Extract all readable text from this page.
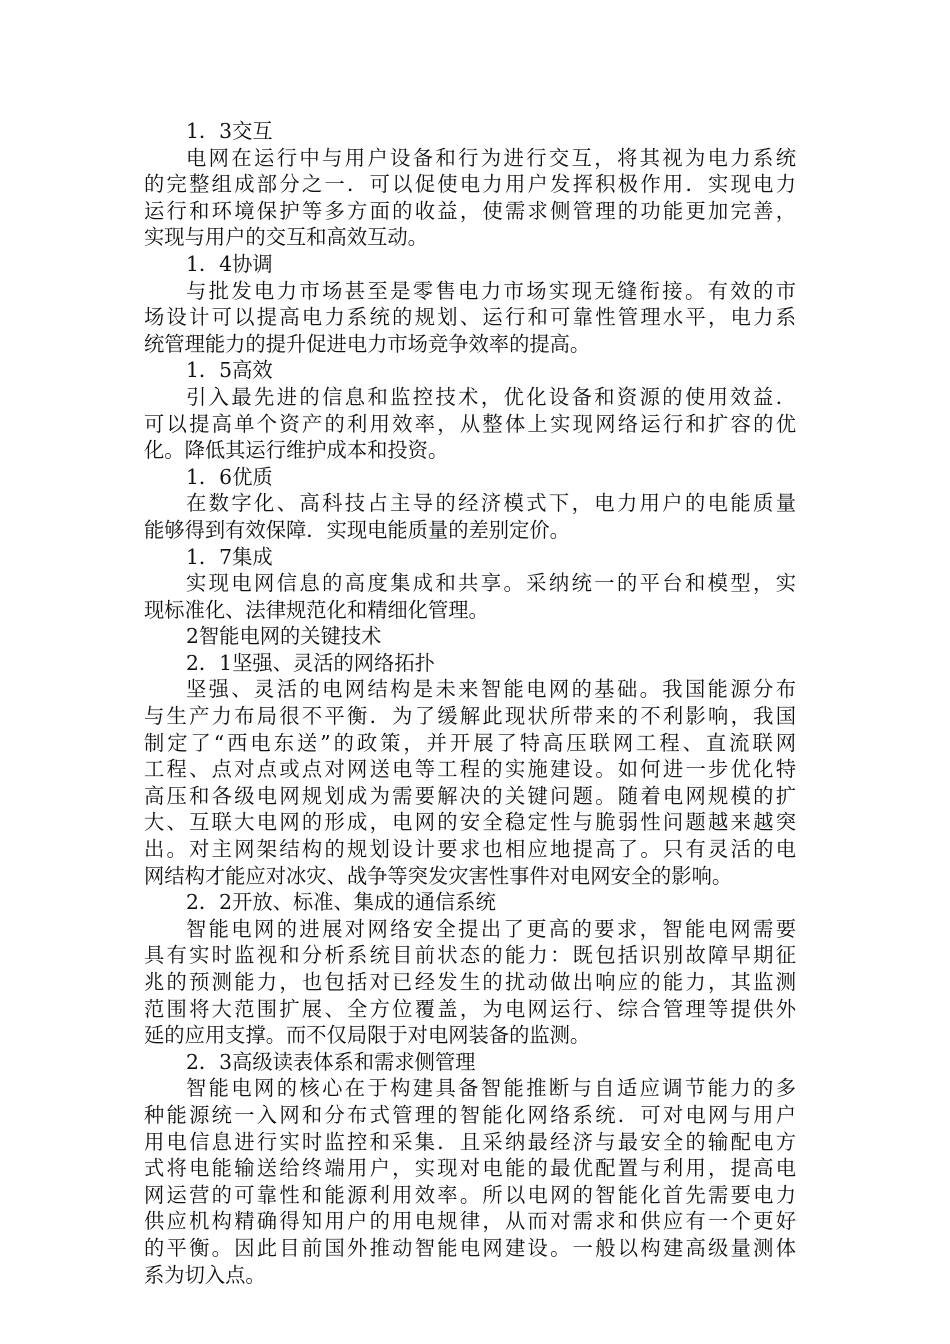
1．3交互
电网在运行中与用户设备和行为进行交互，将其视为电力系统
的完整组成部分之一．可以促使电力用户发挥积极作用．实现电力
运行和环境保护等多方面的收益，使需求侧管理的功能更加完善，
实现与用户的交互和高效互动。
1．4协调
与批发电力市场甚至是零售电力市场实现无缝衔接。有效的市
场设计可以提高电力系统的规划、运行和可靠性管理水平，电力系
统管理能力的提升促进电力市场竞争效率的提高。
1．5高效
引入最先进的信息和监控技术，优化设备和资源的使用效益．
可以提高单个资产的利用效率，从整体上实现网络运行和扩容的优
化。降低其运行维护成本和投资。
1．6优质
在数字化、高科技占主导的经济模式下，电力用户的电能质量
能够得到有效保障．实现电能质量的差别定价。
1．7集成
实现电网信息的高度集成和共享。采纳统一的平台和模型，实
现标准化、法律规范化和精细化管理。
2智能电网的关键技术
2．1坚强、灵活的网络拓扑
坚强、灵活的电网结构是未来智能电网的基础。我国能源分布
与生产力布局很不平衡．为了缓解此现状所带来的不利影响，我国
制定了“西电东送”的政策，并开展了特高压联网工程、直流联网
工程、点对点或点对网送电等工程的实施建设。如何进一步优化特
高压和各级电网规划成为需要解决的关键问题。随着电网规模的扩
大、互联大电网的形成，电网的安全稳定性与脆弱性问题越来越突
出。对主网架结构的规划设计要求也相应地提高了。只有灵活的电
网结构才能应对冰灾、战争等突发灾害性事件对电网安全的影响。
2．2开放、标准、集成的通信系统
智能电网的进展对网络安全提出了更高的要求，智能电网需要
具有实时监视和分析系统目前状态的能力：既包括识别故障早期征
兆的预测能力，也包括对已经发生的扰动做出响应的能力，其监测
范围将大范围扩展、全方位覆盖，为电网运行、综合管理等提供外
延的应用支撑。而不仅局限于对电网装备的监测。
2．3高级读表体系和需求侧管理
智能电网的核心在于构建具备智能推断与自适应调节能力的多
种能源统一入网和分布式管理的智能化网络系统．可对电网与用户
用电信息进行实时监控和采集．且采纳最经济与最安全的输配电方
式将电能输送给终端用户，实现对电能的最优配置与利用，提高电
网运营的可靠性和能源利用效率。所以电网的智能化首先需要电力
供应机构精确得知用户的用电规律，从而对需求和供应有一个更好
的平衡。因此目前国外推动智能电网建设。一般以构建高级量测体
系为切入点。
